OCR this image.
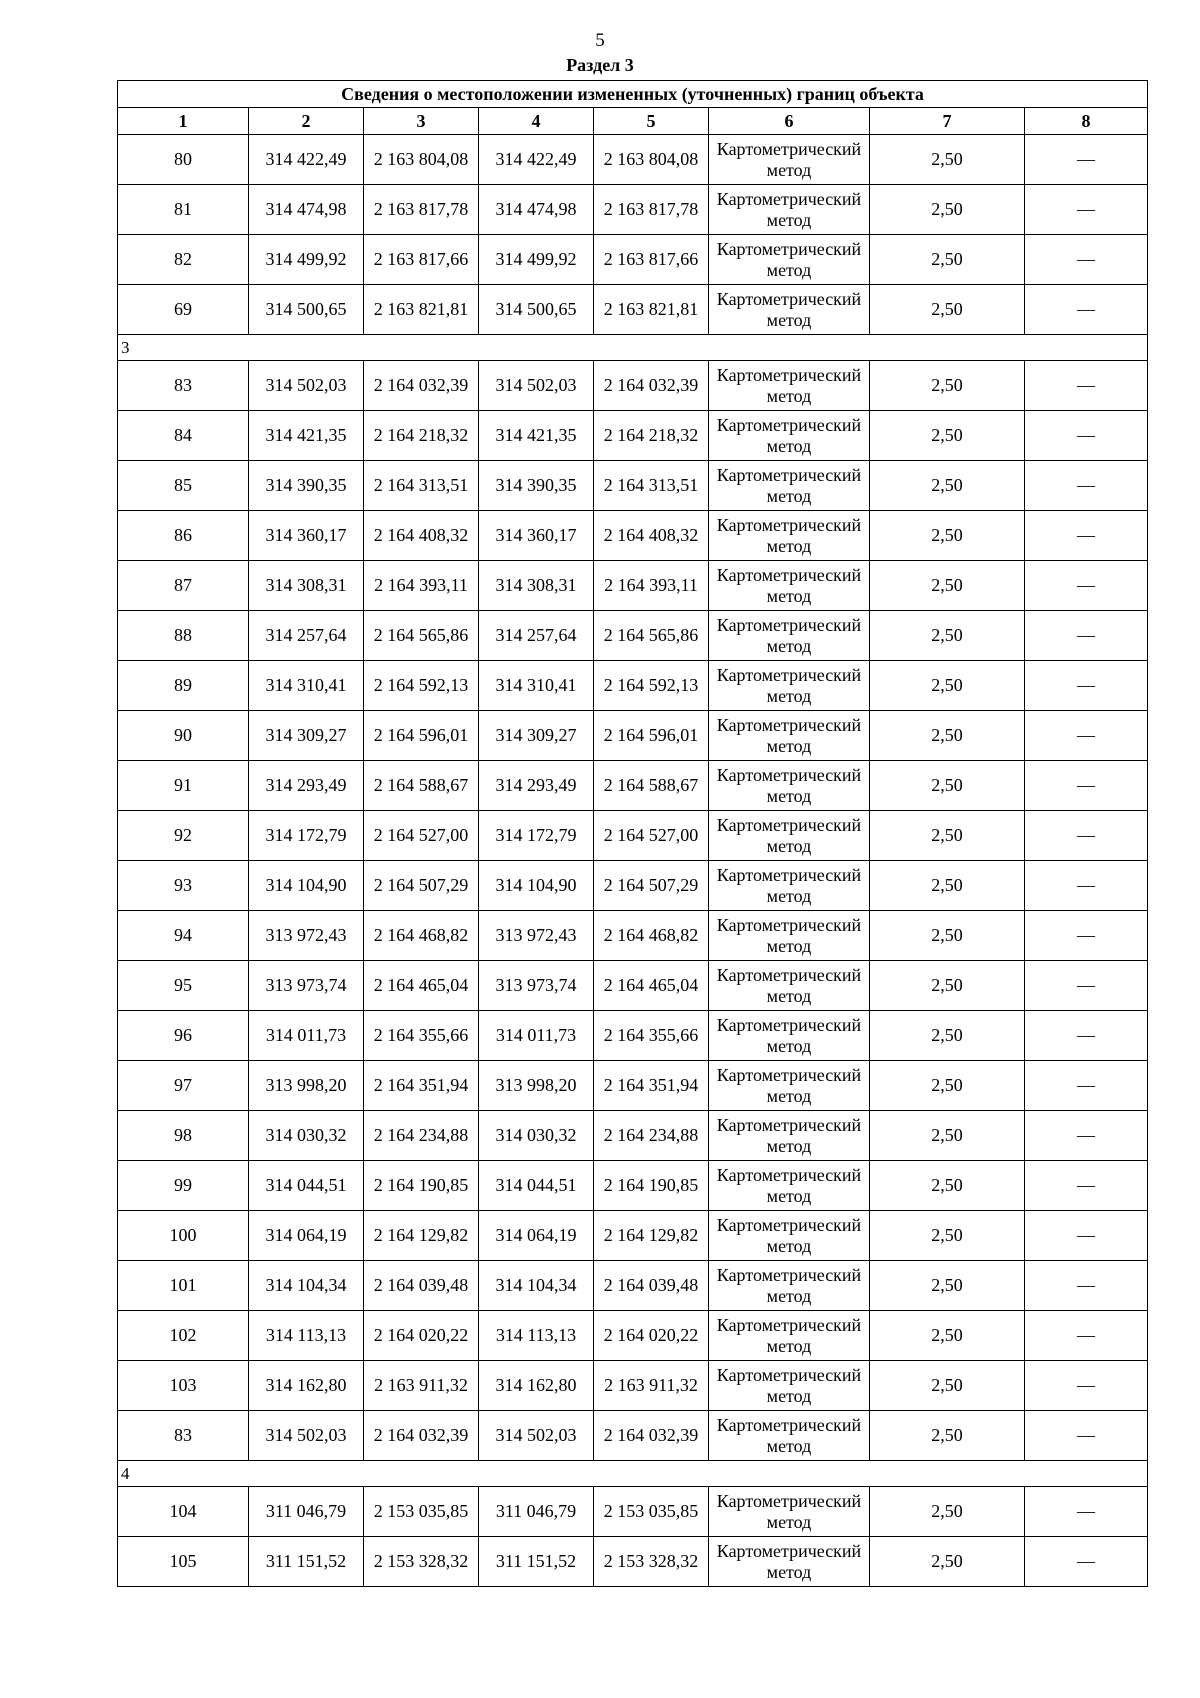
5
Раздел 3
Сведения о местоположении измененных (уточненных) границ объекта							
1	2	3	4	5	6	7	8
80	314 422,49	2 163 804,08	314 422,49	2 163 804,08	Картометрический метод	2,50	—
81	314 474,98	2 163 817,78	314 474,98	2 163 817,78	Картометрический метод	2,50	—
82	314 499,92	2 163 817,66	314 499,92	2 163 817,66	Картометрический метод	2,50	—
69	314 500,65	2 163 821,81	314 500,65	2 163 821,81	Картометрический метод	2,50	—
3							
83	314 502,03	2 164 032,39	314 502,03	2 164 032,39	Картометрический метод	2,50	—
84	314 421,35	2 164 218,32	314 421,35	2 164 218,32	Картометрический метод	2,50	—
85	314 390,35	2 164 313,51	314 390,35	2 164 313,51	Картометрический метод	2,50	—
86	314 360,17	2 164 408,32	314 360,17	2 164 408,32	Картометрический метод	2,50	—
87	314 308,31	2 164 393,11	314 308,31	2 164 393,11	Картометрический метод	2,50	—
88	314 257,64	2 164 565,86	314 257,64	2 164 565,86	Картометрический метод	2,50	—
89	314 310,41	2 164 592,13	314 310,41	2 164 592,13	Картометрический метод	2,50	—
90	314 309,27	2 164 596,01	314 309,27	2 164 596,01	Картометрический метод	2,50	—
91	314 293,49	2 164 588,67	314 293,49	2 164 588,67	Картометрический метод	2,50	—
92	314 172,79	2 164 527,00	314 172,79	2 164 527,00	Картометрический метод	2,50	—
93	314 104,90	2 164 507,29	314 104,90	2 164 507,29	Картометрический метод	2,50	—
94	313 972,43	2 164 468,82	313 972,43	2 164 468,82	Картометрический метод	2,50	—
95	313 973,74	2 164 465,04	313 973,74	2 164 465,04	Картометрический метод	2,50	—
96	314 011,73	2 164 355,66	314 011,73	2 164 355,66	Картометрический метод	2,50	—
97	313 998,20	2 164 351,94	313 998,20	2 164 351,94	Картометрический метод	2,50	—
98	314 030,32	2 164 234,88	314 030,32	2 164 234,88	Картометрический метод	2,50	—
99	314 044,51	2 164 190,85	314 044,51	2 164 190,85	Картометрический метод	2,50	—
100	314 064,19	2 164 129,82	314 064,19	2 164 129,82	Картометрический метод	2,50	—
101	314 104,34	2 164 039,48	314 104,34	2 164 039,48	Картометрический метод	2,50	—
102	314 113,13	2 164 020,22	314 113,13	2 164 020,22	Картометрический метод	2,50	—
103	314 162,80	2 163 911,32	314 162,80	2 163 911,32	Картометрический метод	2,50	—
83	314 502,03	2 164 032,39	314 502,03	2 164 032,39	Картометрический метод	2,50	—
4							
104	311 046,79	2 153 035,85	311 046,79	2 153 035,85	Картометрический метод	2,50	—
105	311 151,52	2 153 328,32	311 151,52	2 153 328,32	Картометрический метод	2,50	—
